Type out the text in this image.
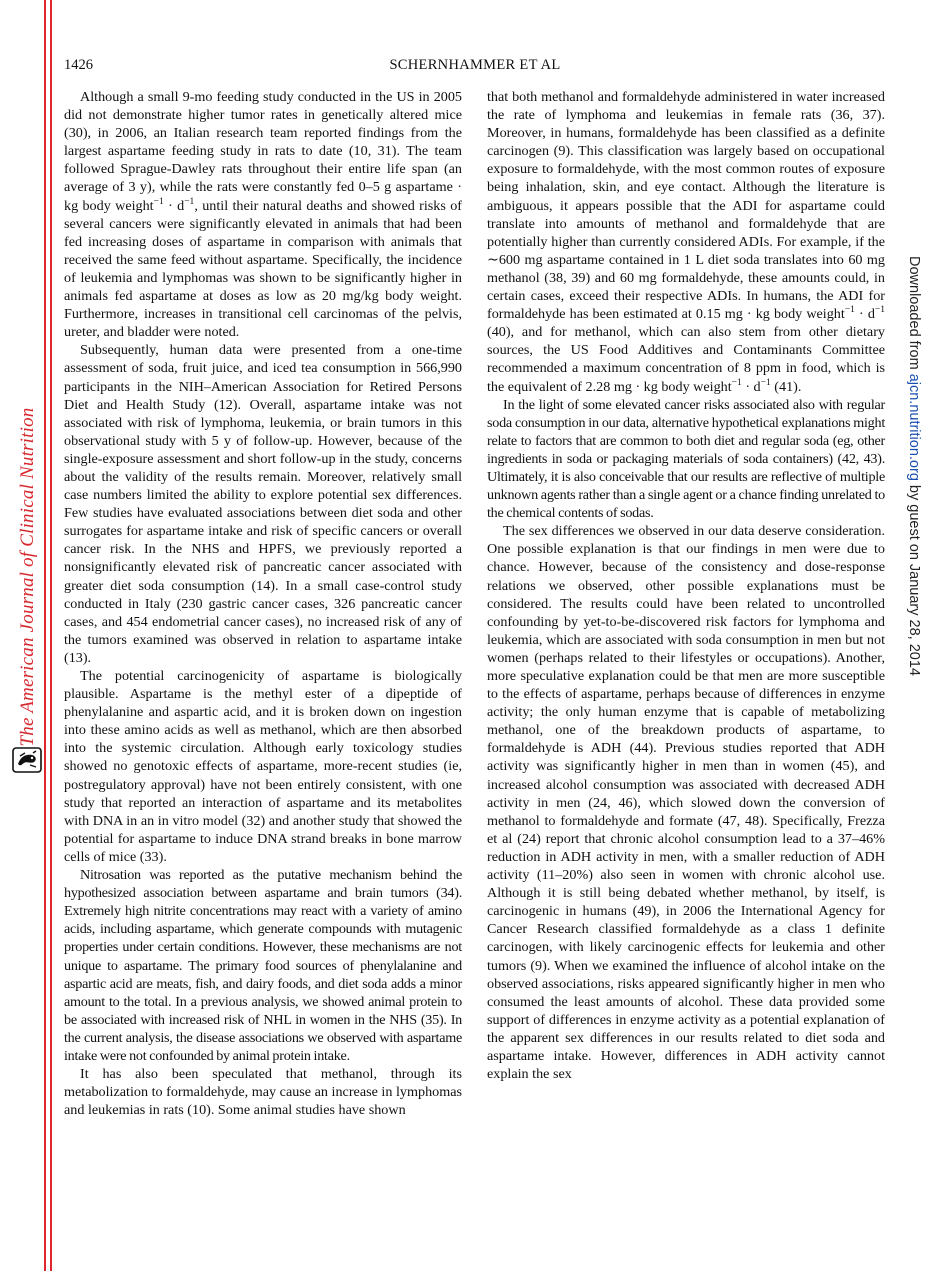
The American Journal of Clinical Nutrition
Downloaded from ajcn.nutrition.org by guest on January 28, 2014
1426	SCHERNHAMMER ET AL

Although a small 9-mo feeding study conducted in the US in 2005 did not demonstrate higher tumor rates in genetically altered mice (30), in 2006, an Italian research team reported findings from the largest aspartame feeding study in rats to date (10, 31). The team followed Sprague-Dawley rats throughout their entire life span (an average of 3 y), while the rats were constantly fed 0–5 g aspartame · kg body weight$^{-1}$ · $d^{-1}$, until their natural deaths and showed risks of several cancers were significantly elevated in animals that had been fed increasing doses of aspartame in comparison with animals that received the same feed without aspartame. Specifically, the incidence of leukemia and lymphomas was shown to be significantly higher in animals fed aspartame at doses as low as 20 mg/kg body weight. Furthermore, increases in transitional cell carcinomas of the pelvis, ureter, and bladder were noted.

Subsequently, human data were presented from a one-time assessment of soda, fruit juice, and iced tea consumption in 566,990 participants in the NIH–American Association for Retired Persons Diet and Health Study (12). Overall, aspartame intake was not associated with risk of lymphoma, leukemia, or brain tumors in this observational study with 5 y of follow-up. However, because of the single-exposure assessment and short follow-up in the study, concerns about the validity of the results remain. Moreover, relatively small case numbers limited the ability to explore potential sex differences. Few studies have evaluated associations between diet soda and other surrogates for aspartame intake and risk of specific cancers or overall cancer risk. In the NHS and HPFS, we previously reported a nonsignificantly elevated risk of pancreatic cancer associated with greater diet soda consumption (14). In a small case-control study conducted in Italy (230 gastric cancer cases, 326 pancreatic cancer cases, and 454 endometrial cancer cases), no increased risk of any of the tumors examined was observed in relation to aspartame intake (13).

The potential carcinogenicity of aspartame is biologically plausible. Aspartame is the methyl ester of a dipeptide of phenylalanine and aspartic acid, and it is broken down on ingestion into these amino acids as well as methanol, which are then absorbed into the systemic circulation. Although early toxicology studies showed no genotoxic effects of aspartame, more-recent studies (ie, postregulatory approval) have not been entirely consistent, with one study that reported an interaction of aspartame and its metabolites with DNA in an in vitro model (32) and another study that showed the potential for aspartame to induce DNA strand breaks in bone marrow cells of mice (33).

Nitrosation was reported as the putative mechanism behind the hypothesized association between aspartame and brain tumors (34). Extremely high nitrite concentrations may react with a variety of amino acids, including aspartame, which generate compounds with mutagenic properties under certain conditions. However, these mechanisms are not unique to aspartame. The primary food sources of phenylalanine and aspartic acid are meats, fish, and dairy foods, and diet soda adds a minor amount to the total. In a previous analysis, we showed animal protein to be associated with increased risk of NHL in women in the NHS (35). In the current analysis, the disease associations we observed with aspartame intake were not confounded by animal protein intake.

It has also been speculated that methanol, through its metabolization to formaldehyde, may cause an increase in lymphomas and leukemias in rats (10). Some animal studies have shown

that both methanol and formaldehyde administered in water increased the rate of lymphoma and leukemias in female rats (36, 37). Moreover, in humans, formaldehyde has been classified as a definite carcinogen (9). This classification was largely based on occupational exposure to formaldehyde, with the most common routes of exposure being inhalation, skin, and eye contact. Although the literature is ambiguous, it appears possible that the ADI for aspartame could translate into amounts of methanol and formaldehyde that are potentially higher than currently considered ADIs. For example, if the ∼600 mg aspartame contained in 1 L diet soda translates into 60 mg methanol (38, 39) and 60 mg formaldehyde, these amounts could, in certain cases, exceed their respective ADIs. In humans, the ADI for formaldehyde has been estimated at 0.15 mg · kg body weight$^{-1}$ · $d^{-1}$ (40), and for methanol, which can also stem from other dietary sources, the US Food Additives and Contaminants Committee recommended a maximum concentration of 8 ppm in food, which is the equivalent of 2.28 mg · kg body weight$^{-1}$ · $d^{-1}$ (41).

In the light of some elevated cancer risks associated also with regular soda consumption in our data, alternative hypothetical explanations might relate to factors that are common to both diet and regular soda (eg, other ingredients in soda or packaging materials of soda containers) (42, 43). Ultimately, it is also conceivable that our results are reflective of multiple unknown agents rather than a single agent or a chance finding unrelated to the chemical contents of sodas.

The sex differences we observed in our data deserve consideration. One possible explanation is that our findings in men were due to chance. However, because of the consistency and dose-response relations we observed, other possible explanations must be considered. The results could have been related to uncontrolled confounding by yet-to-be-discovered risk factors for lymphoma and leukemia, which are associated with soda consumption in men but not women (perhaps related to their lifestyles or occupations). Another, more speculative explanation could be that men are more susceptible to the effects of aspartame, perhaps because of differences in enzyme activity; the only human enzyme that is capable of metabolizing methanol, one of the breakdown products of aspartame, to formaldehyde is ADH (44). Previous studies reported that ADH activity was significantly higher in men than in women (45), and increased alcohol consumption was associated with decreased ADH activity in men (24, 46), which slowed down the conversion of methanol to formaldehyde and formate (47, 48). Specifically, Frezza et al (24) report that chronic alcohol consumption lead to a 37–46% reduction in ADH activity in men, with a smaller reduction of ADH activity (11–20%) also seen in women with chronic alcohol use. Although it is still being debated whether methanol, by itself, is carcinogenic in humans (49), in 2006 the International Agency for Cancer Research classified formaldehyde as a class 1 definite carcinogen, with likely carcinogenic effects for leukemia and other tumors (9). When we examined the influence of alcohol intake on the observed associations, risks appeared significantly higher in men who consumed the least amounts of alcohol. These data provided some support of differences in enzyme activity as a potential explanation of the apparent sex differences in our results related to diet soda and aspartame intake. However, differences in ADH activity cannot explain the sex
